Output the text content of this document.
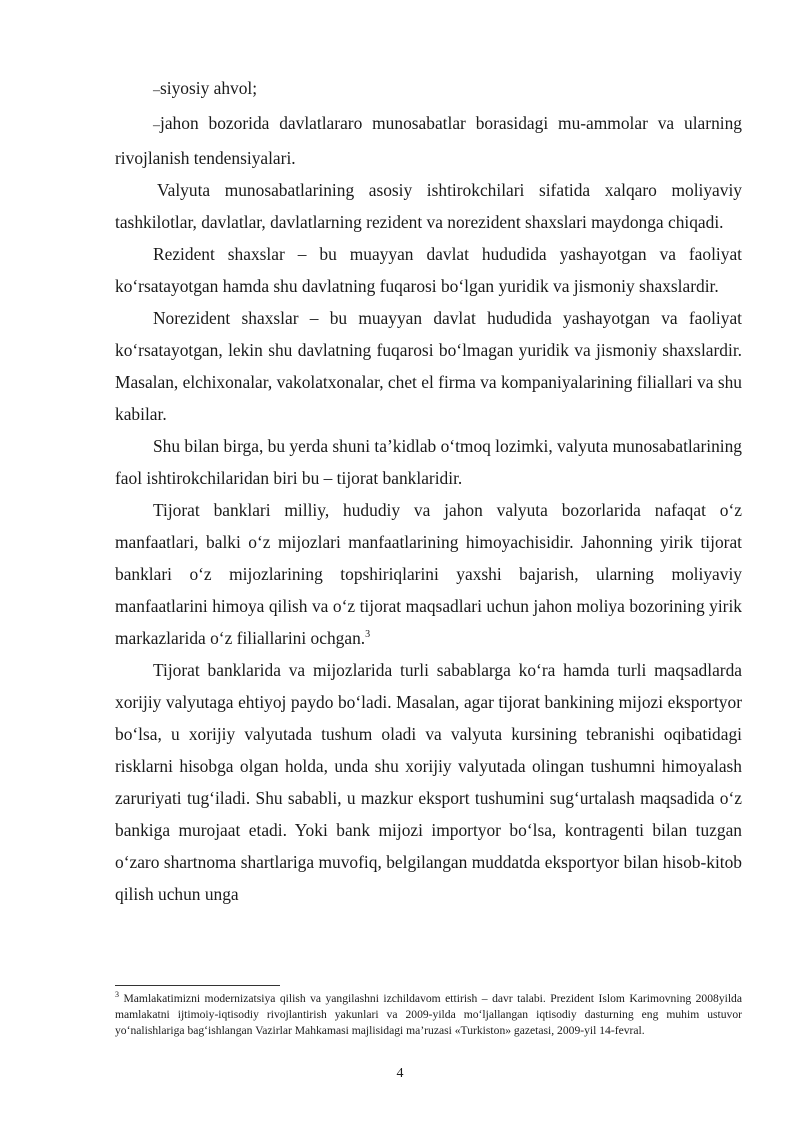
–siyosiy ahvol;

–jahon bozorida davlatlararo munosabatlar borasidagi mu-ammolar va ularning rivojlanish tendensiyalari.

Valyuta munosabatlarining asosiy ishtirokchilari sifatida xalqaro moliyaviy tashkilotlar, davlatlar, davlatlarning rezident va norezident shaxslari maydonga chiqadi.

Rezident shaxslar – bu muayyan davlat hududida yashayotgan va faoliyat koʻrsatayotgan hamda shu davlatning fuqarosi boʻlgan yuridik va jismoniy shaxslardir.

Norezident shaxslar – bu muayyan davlat hududida yashayotgan va faoliyat koʻrsatayotgan, lekin shu davlatning fuqarosi boʻlmagan yuridik va jismoniy shaxslardir. Masalan, elchixonalar, vakolatxonalar, chet el firma va kompaniyalarining filiallari va shu kabilar.

Shu bilan birga, bu yerda shuni ta’kidlab oʻtmoq lozimki, valyuta munosabatlarining faol ishtirokchilaridan biri bu – tijorat banklaridir.

Tijorat banklari milliy, hududiy va jahon valyuta bozorlarida nafaqat oʻz manfaatlari, balki oʻz mijozlari manfaatlarining himoyachisidir. Jahonning yirik tijorat banklari oʻz mijozlarining topshiriqlarini yaxshi bajarish, ularning moliyaviy manfaatlarini himoya qilish va oʻz tijorat maqsadlari uchun jahon moliya bozorining yirik markazlarida oʻz filiallarini ochgan.$^3$

Tijorat banklarida va mijozlarida turli sabablarga koʻra hamda turli maqsadlarda xorijiy valyutaga ehtiyoj paydo boʻladi. Masalan, agar tijorat bankining mijozi eksportyor boʻlsa, u xorijiy valyutada tushum oladi va valyuta kursining tebranishi oqibatidagi risklarni hisobga olgan holda, unda shu xorijiy valyutada olingan tushumni himoyalash zaruriyati tugʻiladi. Shu sababli, u mazkur eksport tushumini sugʻurtalash maqsadida oʻz bankiga murojaat etadi. Yoki bank mijozi importyor boʻlsa, kontragenti bilan tuzgan oʻzaro shartnoma shartlariga muvofiq, belgilangan muddatda eksportyor bilan hisob-kitob qilish uchun unga

$^3$ Mamlakatimizni modernizatsiya qilish va yangilashni izchildavom ettirish – davr talabi. Prezident Islom Karimovning 2008yilda mamlakatni ijtimoiy-iqtisodiy rivojlantirish yakunlari va 2009-yilda moʻljallangan iqtisodiy dasturning eng muhim ustuvor yoʻnalishlariga bagʻishlangan Vazirlar Mahkamasi majlisidagi ma’ruzasi «Turkiston» gazetasi, 2009-yil 14-fevral.
4
